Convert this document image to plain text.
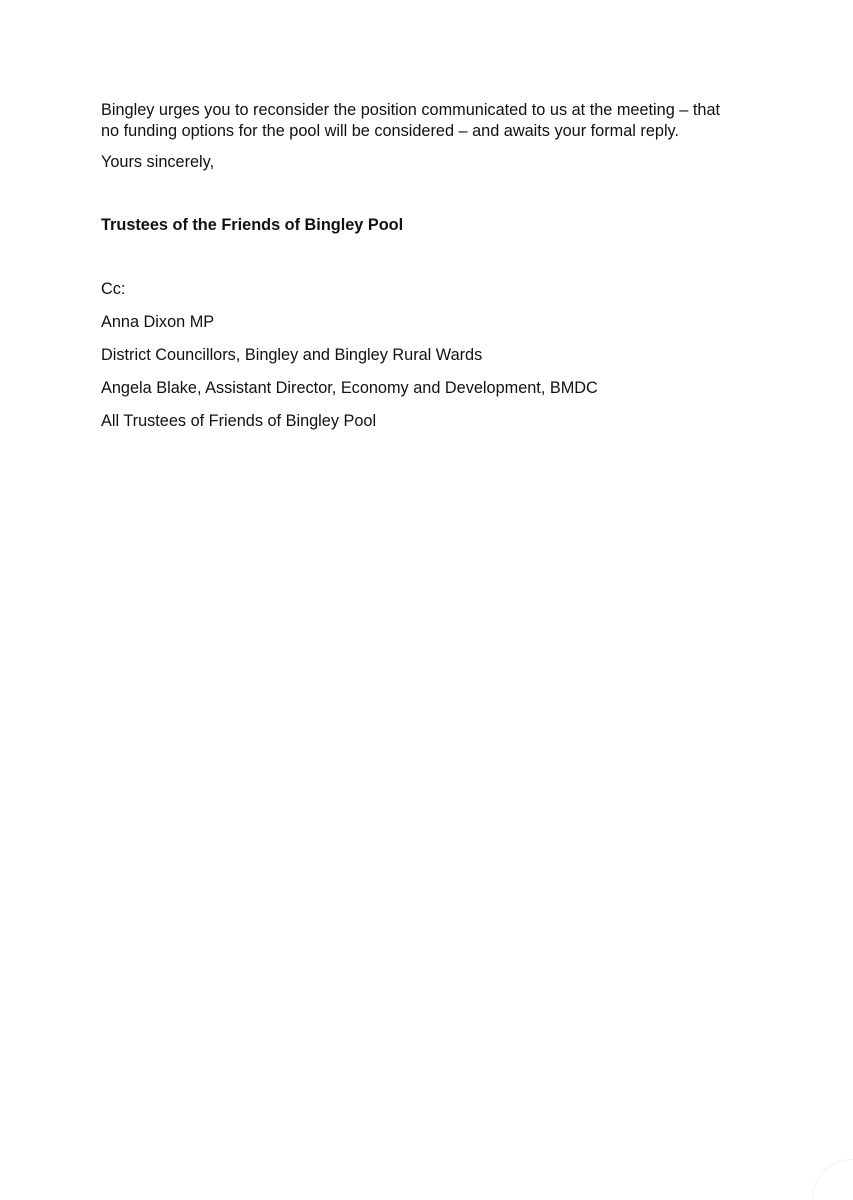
Bingley urges you to reconsider the position communicated to us at the meeting – that no funding options for the pool will be considered – and awaits your formal reply.

Yours sincerely,

Trustees of the Friends of Bingley Pool

Cc:

Anna Dixon MP
District Councillors, Bingley and Bingley Rural Wards
Angela Blake, Assistant Director, Economy and Development, BMDC
All Trustees of Friends of Bingley Pool
